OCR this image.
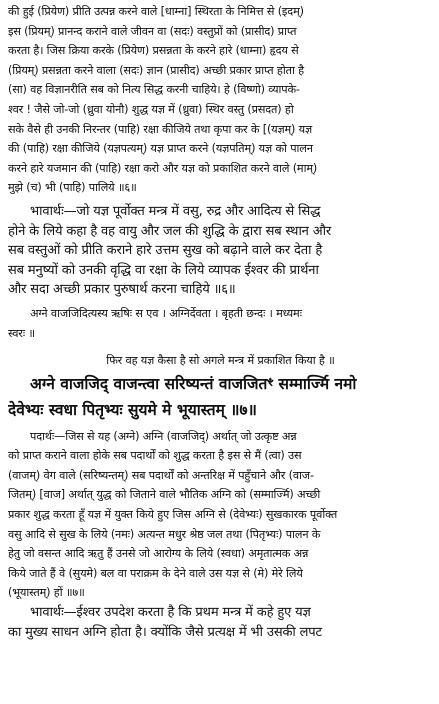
की हुई (प्रियेण) प्रीति उत्पन्न करने वाले [धाम्ना] स्थिरता के निमित्त से (इदम्)
इस (प्रियम्) प्रानन्द कराने वाले जीवन वा (सदः) वस्तुप्रों को (प्रासीद) प्राप्त
करता है। जिस क्रिया करके (प्रियेण) प्रसन्नता के करने हारे (धाम्ना) हृदय से
(प्रियम्) प्रसन्नता करने वाला (सदः) ज्ञान (प्रासीद) अच्छी प्रकार प्राप्त होता है
(सा) वह विज्ञानरीति सब को नित्य सिद्ध करनी चाहिये। हे (विष्णो) व्यापके-
श्वर ! जैसे जो-जो (ध्रुवा योनौ) शुद्ध यज्ञ में (ध्रुवा) स्थिर वस्तु (प्रसदत) हो
सके वैसे ही उनकी निरन्तर (पाहि) रक्षा कीजिये तथा कृपा कर के [(यज्ञम्) यज्ञ
की (पाहि) रक्षा कीजिये (यज्ञपत्यम्) यज्ञ प्राप्त करने (यज्ञपतिम्) यज्ञ को पालन
करने हारे यजमान की (पाहि) रक्षा करो और यज्ञ को प्रकाशित करने वाले (माम्)
मुझे (च) भी (पाहि) पालिये ॥६॥
भावार्थः—जो यज्ञ पूर्वोक्त मन्त्र में वसु, रुद्र और आदित्य से सिद्ध
होने के लिये कहा है वह वायु और जल की शुद्धि के द्वारा सब स्थान और
सब वस्तुओं को प्रीति कराने हारे उत्तम सुख को बढ़ाने वाले कर देता है
सब मनुष्यों को उनकी वृद्धि वा रक्षा के लिये व्यापक ईश्वर की प्रार्थना
और सदा अच्छी प्रकार पुरुषार्थ करना चाहिये ॥६॥
अग्ने वाजजिदित्यस्य ऋषिः स एव । अग्निर्देवता । बृहती छन्दः । मध्यमः
स्वरः ॥
फिर वह यज्ञ कैसा है सो अगले मन्त्र में प्रकाशित किया है ॥
अग्ने वाजजिद् वाजन्त्वा सरिष्यन्तं वाजजितꣳ सम्मार्ज्मि नमो
देवेभ्यः स्वधा पितृभ्यः सुयमे मे भूयास्तम् ॥७॥
पदार्थः—जिस से यह (अग्ने) अग्नि (वाजजिद्) अर्थात् जो उत्कृष्ट अन्न
को प्राप्त कराने वाला होके सब पदार्थों को शुद्ध करता है इस से मैं (त्वा) उस
(वाजम्) वेग वाले (सरिष्यन्तम्) सब पदार्थों को अन्तरिक्ष में पहुँचाने और (वाज-
जितम्) [वाज] अर्थात् युद्ध को जिताने वाले भौतिक अग्नि को (सम्मार्ज्मि) अच्छी
प्रकार शुद्ध करता हूँ यज्ञ में युक्त किये हुए जिस अग्नि से (देवेभ्यः) सुखकारक पूर्वोक्त
वसु आदि से सुख के लिये (नमः) अत्यन्त मधुर श्रेष्ठ जल तथा (पितृभ्यः) पालन के
हेतु जो वसन्त आदि ऋतु हैं उनसे जो आरोग्य के लिये (स्वधा) अमृतात्मक अन्न
किये जाते हैं वे (सुयमे) बल वा पराक्रम के देने वाले उस यज्ञ से (मे) मेरे लिये
(भूयास्तम्) हों ॥७॥
भावार्थः—ईश्वर उपदेश करता है कि प्रथम मन्त्र में कहे हुए यज्ञ
का मुख्य साधन अग्नि होता है। क्योंकि जैसे प्रत्यक्ष में भी उसकी लपट
